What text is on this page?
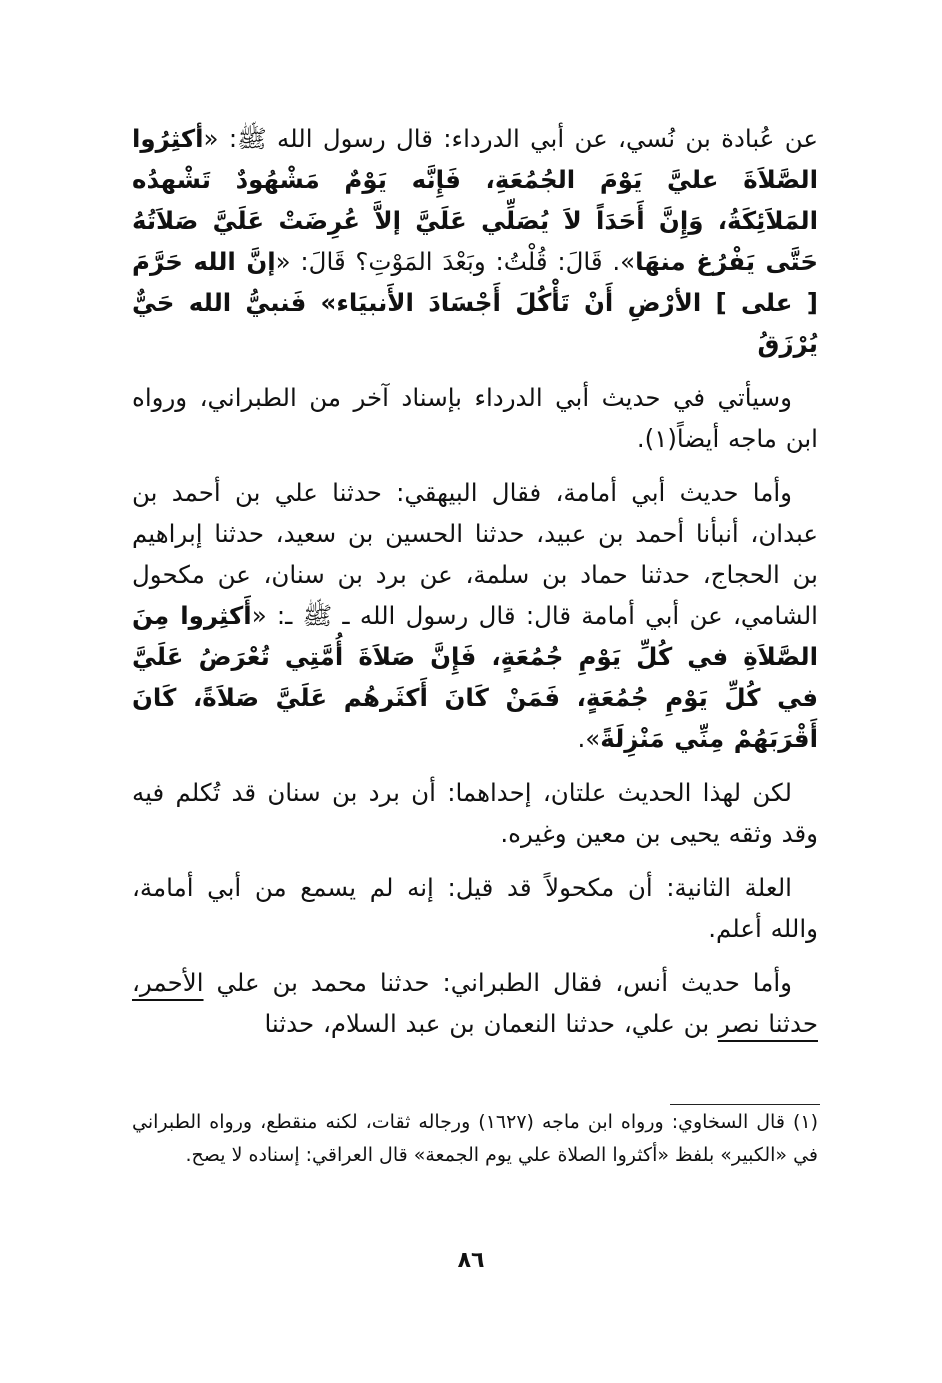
عن عُبادة بن نُسي، عن أبي الدرداء: قال رسول الله ﷺ: «أكثِرُوا الصَّلاَةَ عليَّ يَوْمَ الجُمُعَةِ، فَإِنَّه يَوْمٌ مَشْهُودٌ تَشْهدُه المَلاَئِكَةُ، وَإِنَّ أَحَدَاً لاَ يُصَلِّي عَلَيَّ إلاَّ عُرِضَتْ عَلَيَّ صَلاَتُهُ حَتَّى يَفْرُغ منهَا». قَالَ: قُلْتُ: وبَعْدَ المَوْتِ؟ قَالَ: «إنَّ الله حَرَّمَ [ على ] الأرْضِ أَنْ تَأْكُلَ أَجْسَادَ الأَنبيَاء» فَنبيُّ الله حَيٌّ يُرْزَقُ

وسيأتي في حديث أبي الدرداء بإسناد آخر من الطبراني، ورواه ابن ماجه أيضاً(١).

وأما حديث أبي أمامة، فقال البيهقي: حدثنا علي بن أحمد بن عبدان، أنبأنا أحمد بن عبيد، حدثنا الحسين بن سعيد، حدثنا إبراهيم بن الحجاج، حدثنا حماد بن سلمة، عن برد بن سنان، عن مكحول الشامي، عن أبي أمامة قال: قال رسول الله ـ ﷺ ـ: «أَكثِروا مِنَ الصَّلاَةِ في كُلِّ يَوْمِ جُمُعَةٍ، فَإِنَّ صَلاَةَ أُمَّتِي تُعْرَضُ عَلَيَّ في كُلِّ يَوْمِ جُمُعَةٍ، فَمَنْ كَانَ أَكثَرهُم عَلَيَّ صَلاَةً، كَانَ أَقْرَبَهُمْ مِنِّي مَنْزِلَةً».

لكن لهذا الحديث علتان، إحداهما: أن برد بن سنان قد تُكلم فيه وقد وثقه يحيى بن معين وغيره.

العلة الثانية: أن مكحولاً قد قيل: إنه لم يسمع من أبي أمامة، والله أعلم.

وأما حديث أنس، فقال الطبراني: حدثنا محمد بن علي الأحمر، حدثنا نصر بن علي، حدثنا النعمان بن عبد السلام، حدثنا

(١) قال السخاوي: ورواه ابن ماجه (١٦٢٧) ورجاله ثقات، لكنه منقطع، ورواه الطبراني في «الكبير» بلفظ «أكثروا الصلاة علي يوم الجمعة» قال العراقي: إسناده لا يصح.
٨٦
